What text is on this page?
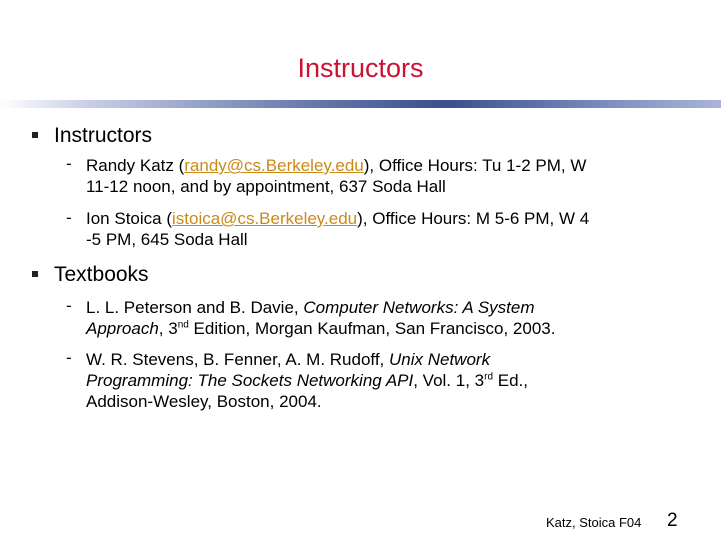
Instructors
Instructors
- Randy Katz (randy@cs.Berkeley.edu), Office Hours: Tu 1-2 PM, W
11-12 noon, and by appointment, 637 Soda Hall
- Ion Stoica (istoica@cs.Berkeley.edu), Office Hours: M 5-6 PM, W 4
-5 PM, 645 Soda Hall
Textbooks
- L. L. Peterson and B. Davie, Computer Networks: A System
Approach, 3nd Edition, Morgan Kaufman, San Francisco, 2003.
- W. R. Stevens, B. Fenner, A. M. Rudoff, Unix Network
Programming: The Sockets Networking API, Vol. 1, 3rd Ed.,
Addison-Wesley, Boston, 2004.
Katz, Stoica F04 2
